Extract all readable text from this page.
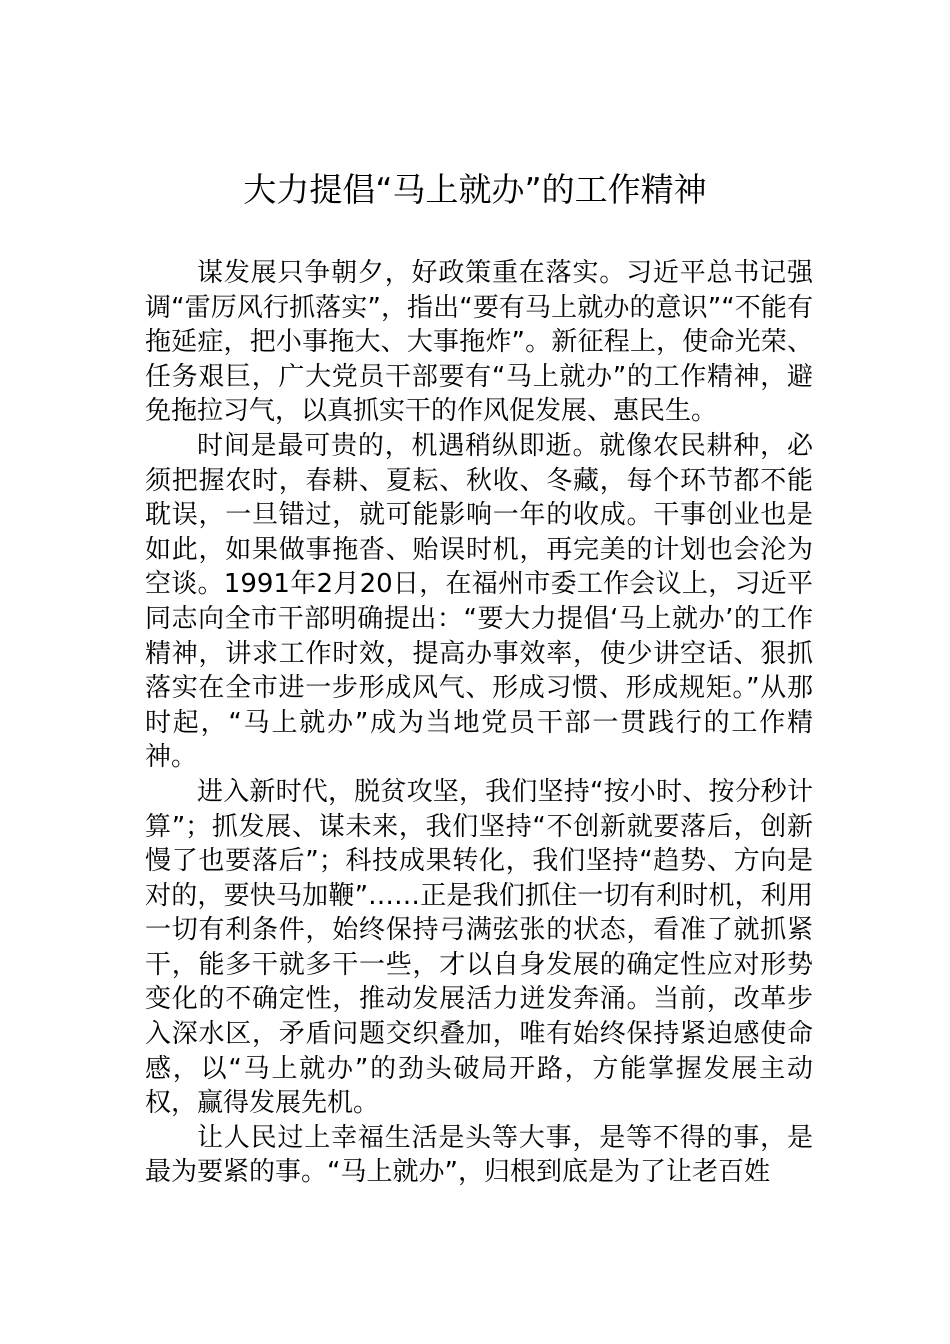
大力提倡“马上就办”的工作精神

谋发展只争朝夕，好政策重在落实。习近平总书记强调“雷厉风行抓落实”，指出“要有马上就办的意识”“不能有拖延症，把小事拖大、大事拖炸”。新征程上，使命光荣、任务艰巨，广大党员干部要有“马上就办”的工作精神，避免拖拉习气，以真抓实干的作风促发展、惠民生。

时间是最可贵的，机遇稍纵即逝。就像农民耕种，必须把握农时，春耕、夏耘、秋收、冬藏，每个环节都不能耽误，一旦错过，就可能影响一年的收成。干事创业也是如此，如果做事拖沓、贻误时机，再完美的计划也会沦为空谈。1991年2月20日，在福州市委工作会议上，习近平同志向全市干部明确提出：“要大力提倡‘马上就办’的工作精神，讲求工作时效，提高办事效率，使少讲空话、狠抓落实在全市进一步形成风气、形成习惯、形成规矩。”从那时起，“马上就办”成为当地党员干部一贯践行的工作精神。

进入新时代，脱贫攻坚，我们坚持“按小时、按分秒计算”；抓发展、谋未来，我们坚持“不创新就要落后，创新慢了也要落后”；科技成果转化，我们坚持“趋势、方向是对的，要快马加鞭”……正是我们抓住一切有利时机，利用一切有利条件，始终保持弓满弦张的状态，看准了就抓紧干，能多干就多干一些，才以自身发展的确定性应对形势变化的不确定性，推动发展活力迸发奔涌。当前，改革步入深水区，矛盾问题交织叠加，唯有始终保持紧迫感使命感，以“马上就办”的劲头破局开路，方能掌握发展主动权，赢得发展先机。

让人民过上幸福生活是头等大事，是等不得的事，是最为要紧的事。“马上就办”，归根到底是为了让老百姓
